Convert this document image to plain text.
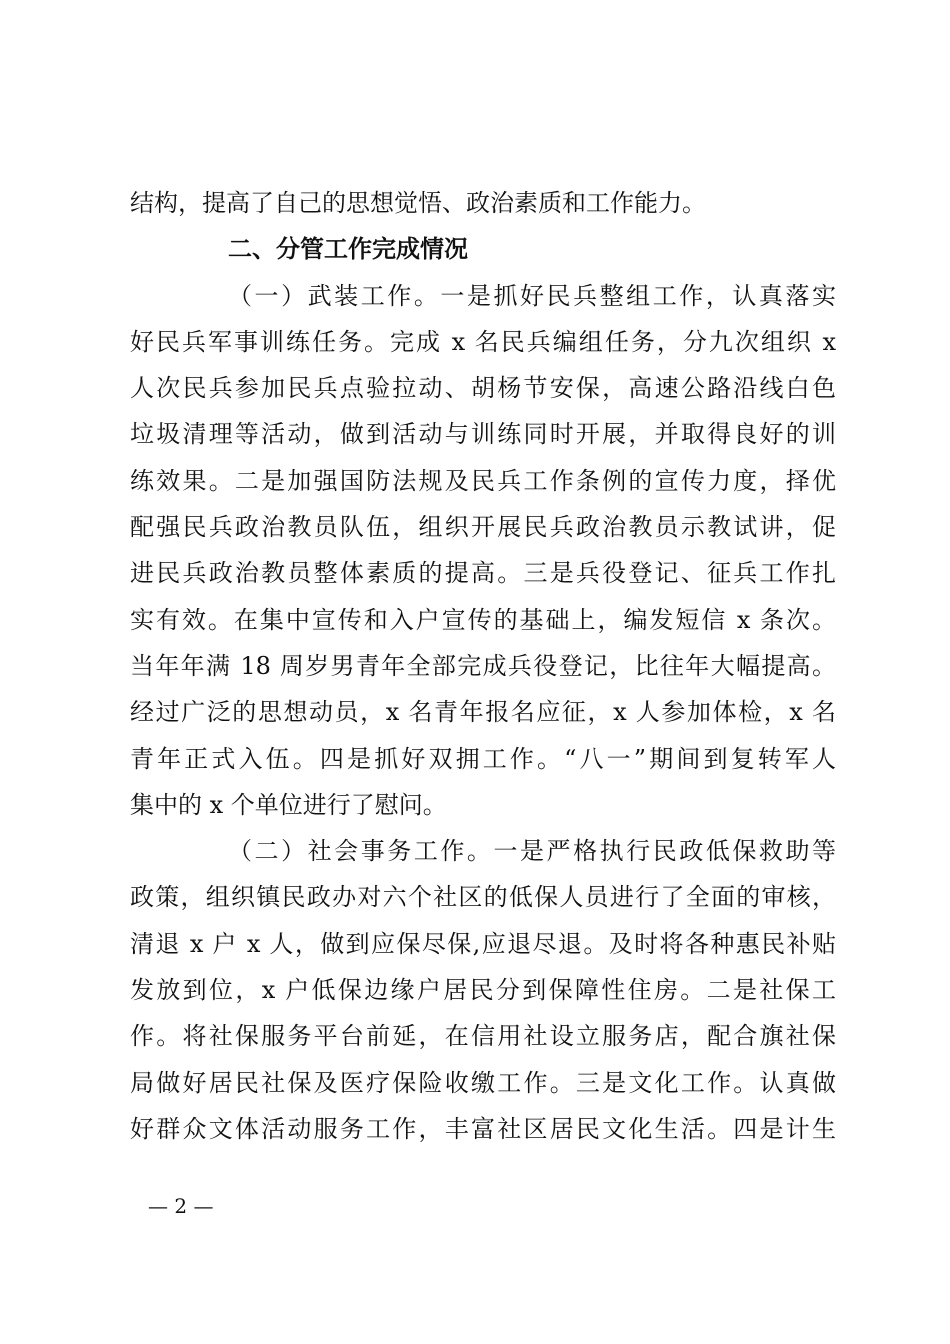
结构，提高了自己的思想觉悟、政治素质和工作能力。
二、分管工作完成情况
（一）武装工作。一是抓好民兵整组工作，认真落实
好民兵军事训练任务。完成 x 名民兵编组任务，分九次组织 x
人次民兵参加民兵点验拉动、胡杨节安保，高速公路沿线白色
垃圾清理等活动，做到活动与训练同时开展，并取得良好的训
练效果。二是加强国防法规及民兵工作条例的宣传力度，择优
配强民兵政治教员队伍，组织开展民兵政治教员示教试讲，促
进民兵政治教员整体素质的提高。三是兵役登记、征兵工作扎
实有效。在集中宣传和入户宣传的基础上，编发短信 x 条次。
当年年满 18 周岁男青年全部完成兵役登记，比往年大幅提高。
经过广泛的思想动员，x 名青年报名应征，x 人参加体检，x 名
青年正式入伍。四是抓好双拥工作。“八一”期间到复转军人
集中的 x 个单位进行了慰问。
（二）社会事务工作。一是严格执行民政低保救助等
政策，组织镇民政办对六个社区的低保人员进行了全面的审核，
清退 x 户 x 人，做到应保尽保,应退尽退。及时将各种惠民补贴
发放到位，x 户低保边缘户居民分到保障性住房。二是社保工
作。将社保服务平台前延，在信用社设立服务店，配合旗社保
局做好居民社保及医疗保险收缴工作。三是文化工作。认真做
好群众文体活动服务工作，丰富社区居民文化生活。四是计生
— 2 —
